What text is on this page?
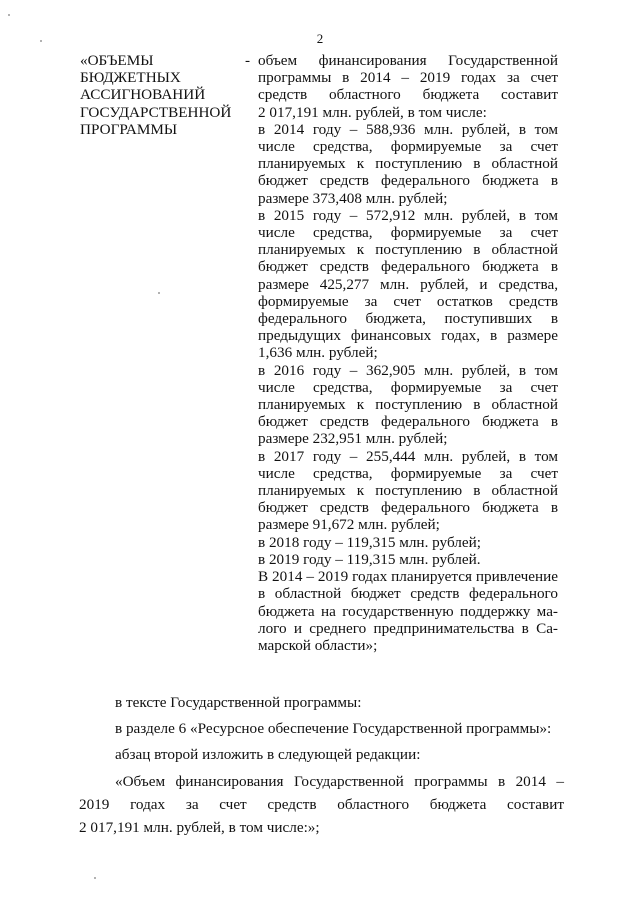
2
«ОБЪЕМЫ
БЮДЖЕТНЫХ
АССИГНОВАНИЙ
ГОСУДАРСТВЕННОЙ
ПРОГРАММЫ
- объем финансирования Государственной
программы в 2014 – 2019 годах за счет
средств областного бюджета составит
2 017,191 млн. рублей, в том числе:
в 2014 году – 588,936 млн. рублей, в том
числе средства, формируемые за счет
планируемых к поступлению в областной
бюджет средств федерального бюджета в
размере 373,408 млн. рублей;
в 2015 году – 572,912 млн. рублей, в том
числе средства, формируемые за счет
планируемых к поступлению в областной
бюджет средств федерального бюджета в
размере 425,277 млн. рублей, и средства,
формируемые за счет остатков средств
федерального бюджета, поступивших в
предыдущих финансовых годах, в размере
1,636 млн. рублей;
в 2016 году – 362,905 млн. рублей, в том
числе средства, формируемые за счет
планируемых к поступлению в областной
бюджет средств федерального бюджета в
размере 232,951 млн. рублей;
в 2017 году – 255,444 млн. рублей, в том
числе средства, формируемые за счет
планируемых к поступлению в областной
бюджет средств федерального бюджета в
размере 91,672 млн. рублей;
в 2018 году – 119,315 млн. рублей;
в 2019 году – 119,315 млн. рублей.
В 2014 – 2019 годах планируется привлечение
в областной бюджет средств федерального
бюджета на государственную поддержку ма-
лого и среднего предпринимательства в Са-
марской области»;

в тексте Государственной программы:

в разделе 6 «Ресурсное обеспечение Государственной программы»:

абзац второй изложить в следующей редакции:

«Объем финансирования Государственной программы в 2014 –

2019 годах за счет средств областного бюджета составит

2 017,191 млн. рублей, в том числе:»;
